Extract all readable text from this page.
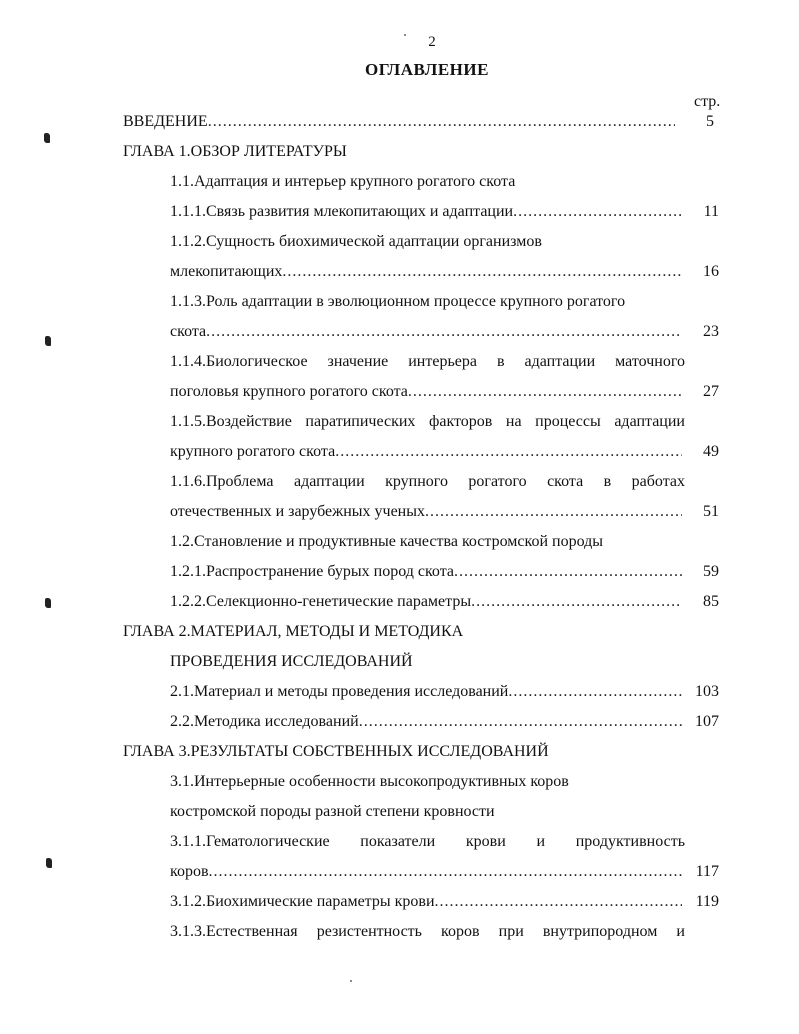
2
ОГЛАВЛЕНИЕ
стр.
ВВЕДЕНИЕ .....	5
ГЛАВА 1.ОБЗОР ЛИТЕРАТУРЫ
1.1.Адаптация и интерьер крупного рогатого скота
1.1.1.Связь развития млекопитающих и адаптации .....	11
1.1.2.Сущность биохимической адаптации организмов
млекопитающих .....	16
1.1.3.Роль адаптации в эволюционном процессе крупного рогатого
скота .....	23
1.1.4.Биологическое значение интерьера в адаптации маточного
поголовья крупного рогатого скота .....	27
1.1.5.Воздействие паратипических факторов на процессы адаптации
крупного рогатого скота .....	49
1.1.6.Проблема адаптации крупного рогатого скота в работах
отечественных и зарубежных ученых .....	51
1.2.Становление и продуктивные качества костромской породы
1.2.1.Распространение бурых пород скота .....	59
1.2.2.Селекционно-генетические параметры .....	85
ГЛАВА 2.МАТЕРИАЛ, МЕТОДЫ И МЕТОДИКА
ПРОВЕДЕНИЯ ИССЛЕДОВАНИЙ
2.1.Материал и методы проведения исследований .....	103
2.2.Методика исследований .....	107
ГЛАВА 3.РЕЗУЛЬТАТЫ СОБСТВЕННЫХ ИССЛЕДОВАНИЙ
3.1.Интерьерные особенности высокопродуктивных коров
костромской породы разной степени кровности
3.1.1.Гематологические показатели крови и продуктивность
коров .....	117
3.1.2.Биохимические параметры крови .....	119
3.1.3.Естественная резистентность коров при внутрипородном и
